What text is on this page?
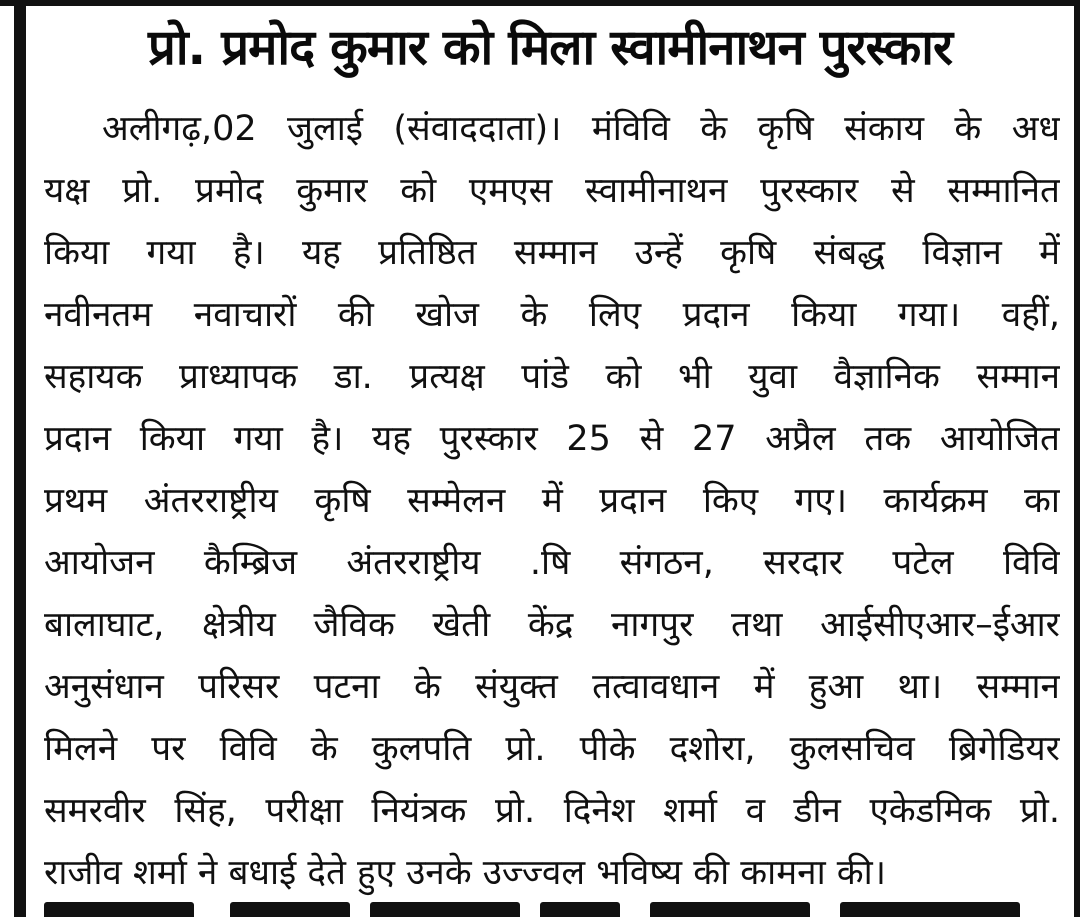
प्रो. प्रमोद कुमार को मिला स्वामीनाथन पुरस्कार
अलीगढ़,02 जुलाई (संवाददाता)। मंविवि के कृषि संकाय के अध
यक्ष प्रो. प्रमोद कुमार को एमएस स्वामीनाथन पुरस्कार से सम्मानित
किया गया है। यह प्रतिष्ठित सम्मान उन्हें कृषि संबद्ध विज्ञान में
नवीनतम नवाचारों की खोज के लिए प्रदान किया गया। वहीं,
सहायक प्राध्यापक डा. प्रत्यक्ष पांडे को भी युवा वैज्ञानिक सम्मान
प्रदान किया गया है। यह पुरस्कार 25 से 27 अप्रैल तक आयोजित
प्रथम अंतरराष्ट्रीय कृषि सम्मेलन में प्रदान किए गए। कार्यक्रम का
आयोजन कैम्ब्रिज अंतरराष्ट्रीय .षि संगठन, सरदार पटेल विवि
बालाघाट, क्षेत्रीय जैविक खेती केंद्र नागपुर तथा आईसीएआर–ईआर
अनुसंधान परिसर पटना के संयुक्त तत्वावधान में हुआ था। सम्मान
मिलने पर विवि के कुलपति प्रो. पीके दशोरा, कुलसचिव ब्रिगेडियर
समरवीर सिंह, परीक्षा नियंत्रक प्रो. दिनेश शर्मा व डीन एकेडमिक प्रो.
राजीव शर्मा ने बधाई देते हुए उनके उज्ज्वल भविष्य की कामना की।
